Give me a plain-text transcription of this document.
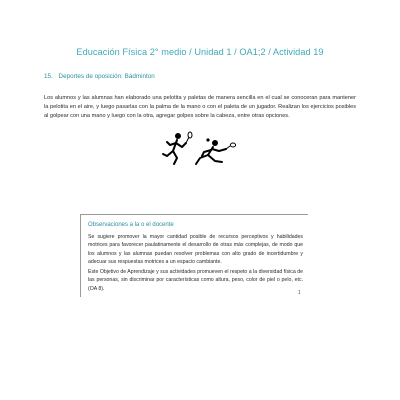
Educación Física 2° medio / Unidad 1 / OA1;2 / Actividad 19
15. Deportes de oposición: Bádminton
Los alumnos y las alumnas han elaborado una pelotita y paletas de manera sencilla en el cual se conoceran para mantener la pelotita en el aire, y luego pasarlas con la palma de la mano o con el paleta de un jugador. Realizan los ejercicios posibles al golpear con una mano y luego con la otra, agregar golpes sobre la cabeza, entre otras opciones.
Observaciones a la o el docente
Se sugiere promover la mayor cantidad posible de recursos perceptivos y habilidades motrices para favorecer paulatinamente el desarrollo de otras más complejas, de modo que los alumnos y las alumnas puedan resolver problemas con alto grado de incertidumbre y adecuar sus respuestas motrices a un espacio cambiante.
Este Objetivo de Aprendizaje y sus actividades promueven el respeto a la diversidad física de las personas, sin discriminar por características como altura, peso, color de piel o pelo, etc. (OA 8).
1
